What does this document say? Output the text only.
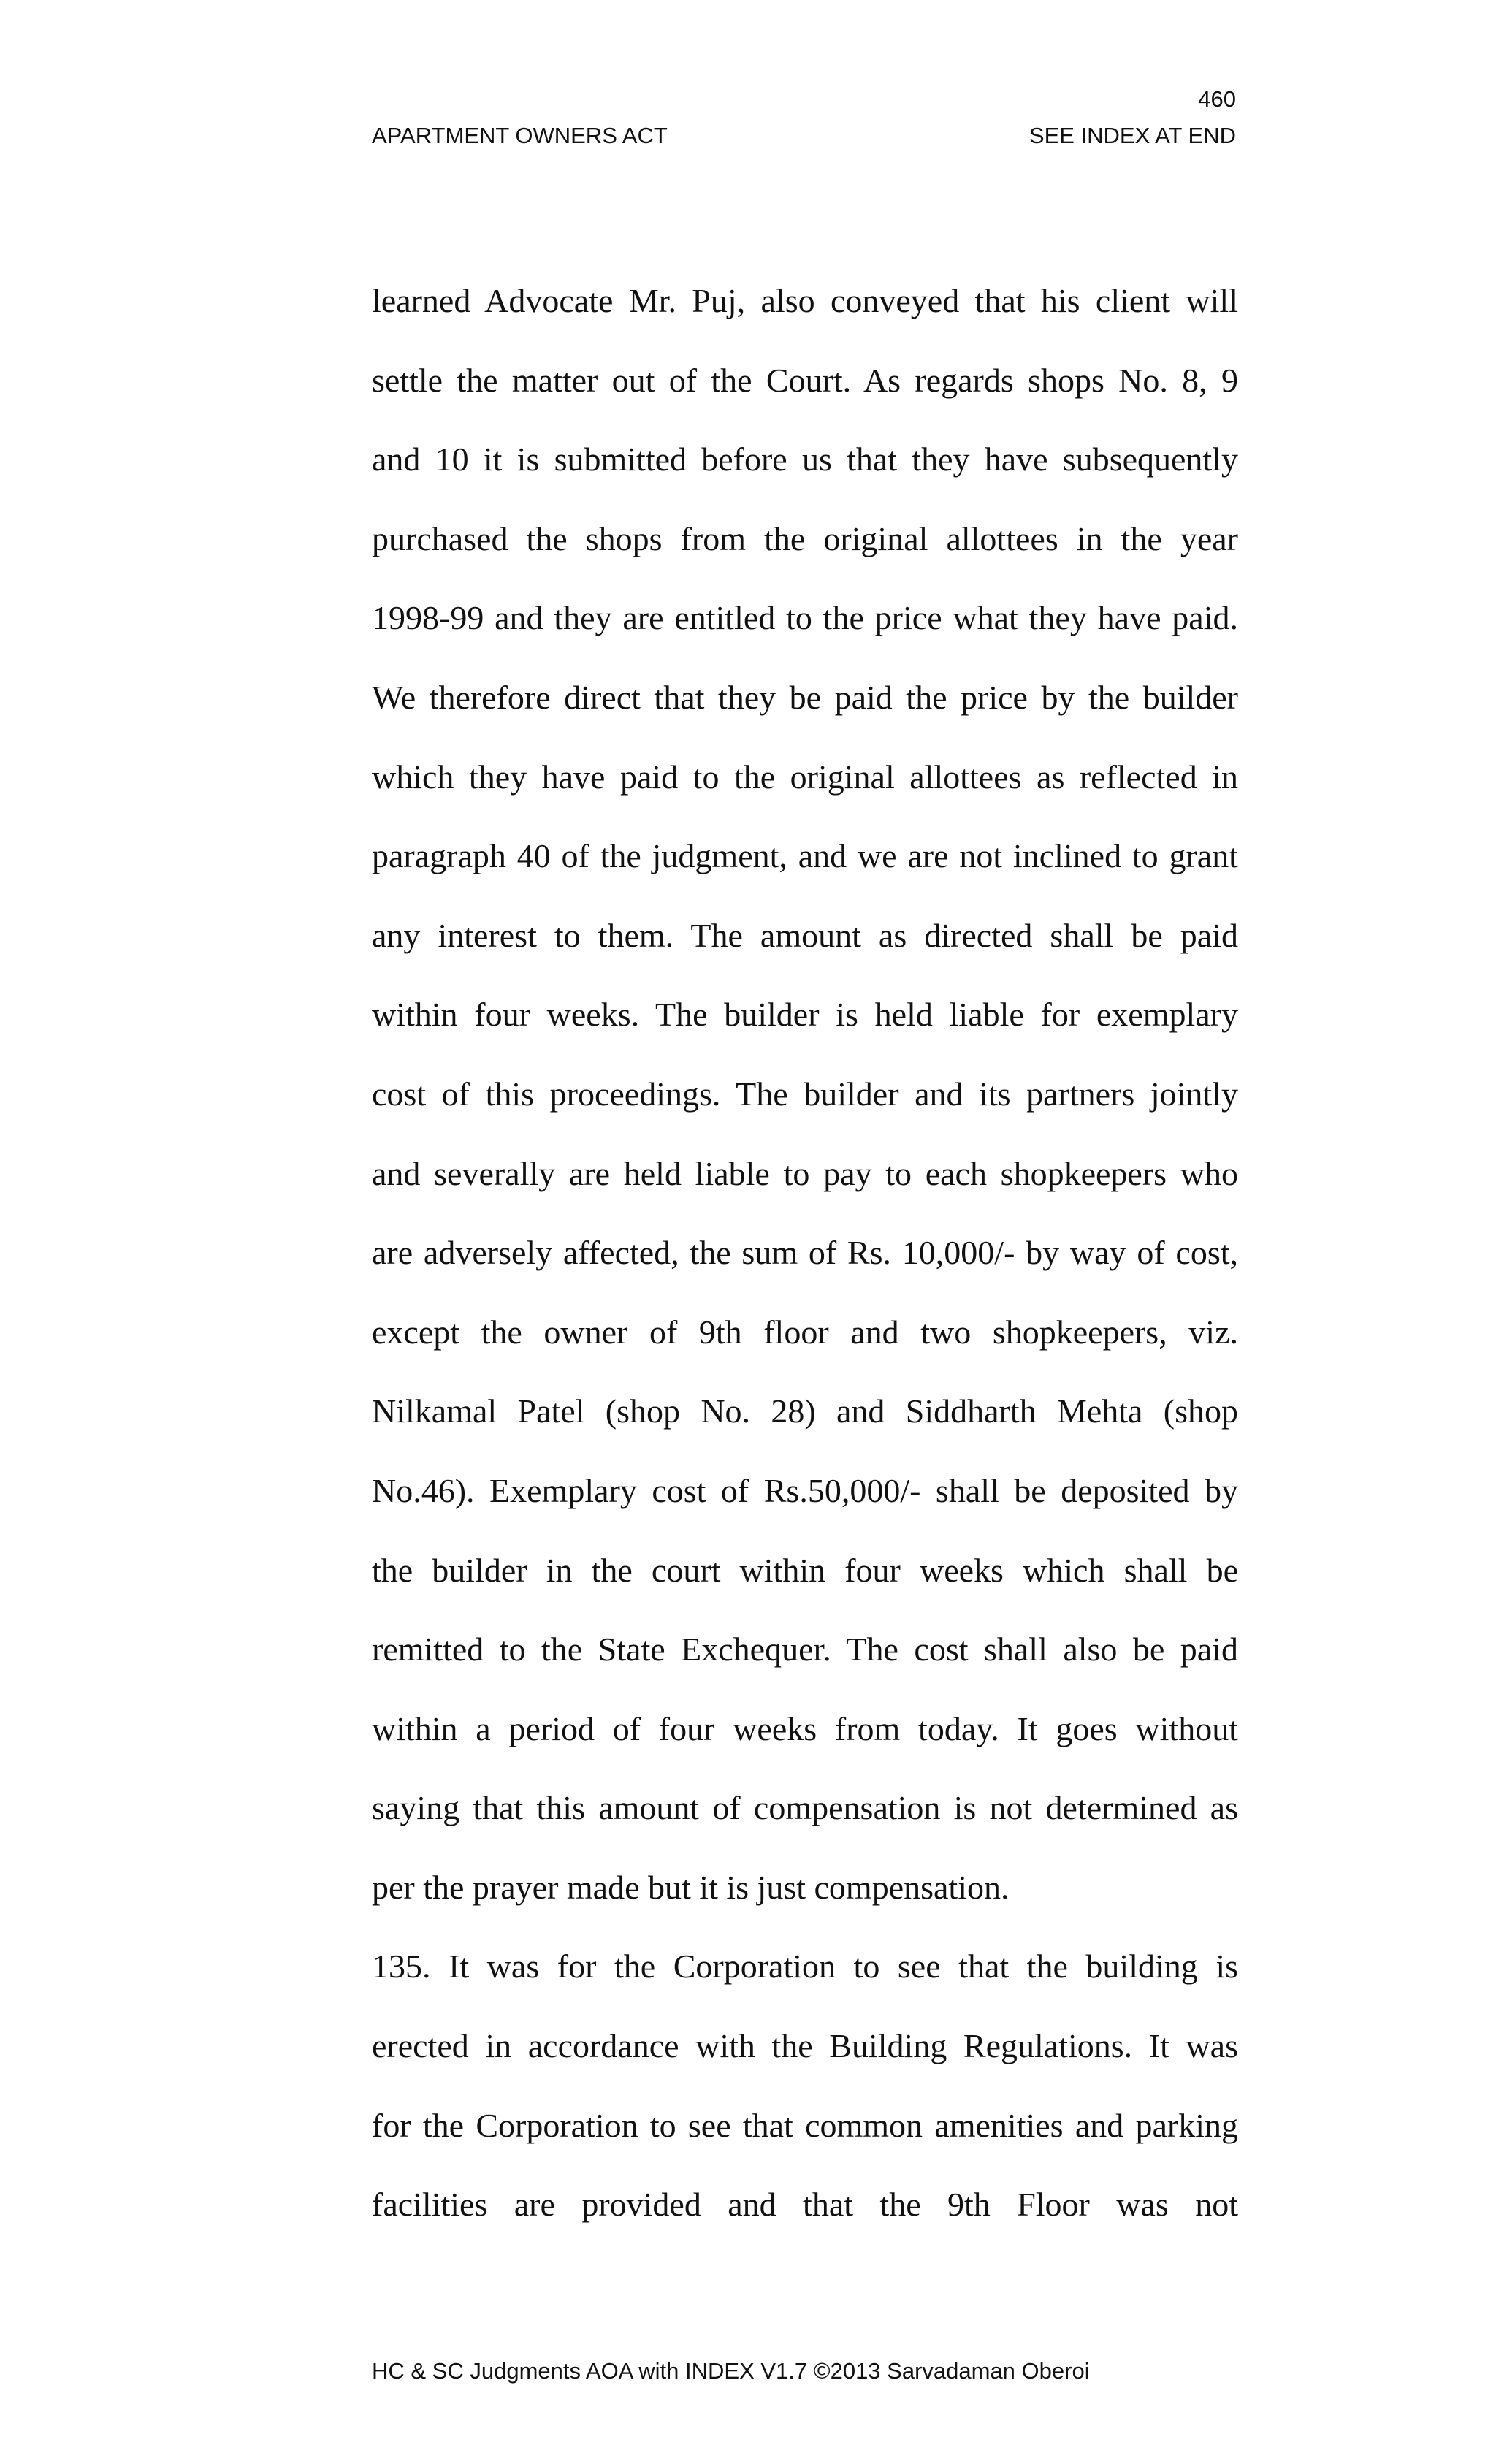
460
APARTMENT OWNERS ACT	SEE INDEX AT END
learned Advocate Mr. Puj, also conveyed that his client will
settle the matter out of the Court. As regards shops No. 8, 9
and 10 it is submitted before us that they have subsequently
purchased the shops from the original allottees in the year
1998-99 and they are entitled to the price what they have paid.
We therefore direct that they be paid the price by the builder
which they have paid to the original allottees as reflected in
paragraph 40 of the judgment, and we are not inclined to grant
any interest to them. The amount as directed shall be paid
within four weeks. The builder is held liable for exemplary
cost of this proceedings. The builder and its partners jointly
and severally are held liable to pay to each shopkeepers who
are adversely affected, the sum of Rs. 10,000/- by way of cost,
except the owner of 9th floor and two shopkeepers, viz.
Nilkamal Patel (shop No. 28) and Siddharth Mehta (shop
No.46). Exemplary cost of Rs.50,000/- shall be deposited by
the builder in the court within four weeks which shall be
remitted to the State Exchequer. The cost shall also be paid
within a period of four weeks from today. It goes without
saying that this amount of compensation is not determined as
per the prayer made but it is just compensation.
135. It was for the Corporation to see that the building is
erected in accordance with the Building Regulations. It was
for the Corporation to see that common amenities and parking
facilities are provided and that the 9th Floor was not
HC & SC Judgments AOA with INDEX V1.7 ©2013 Sarvadaman Oberoi
